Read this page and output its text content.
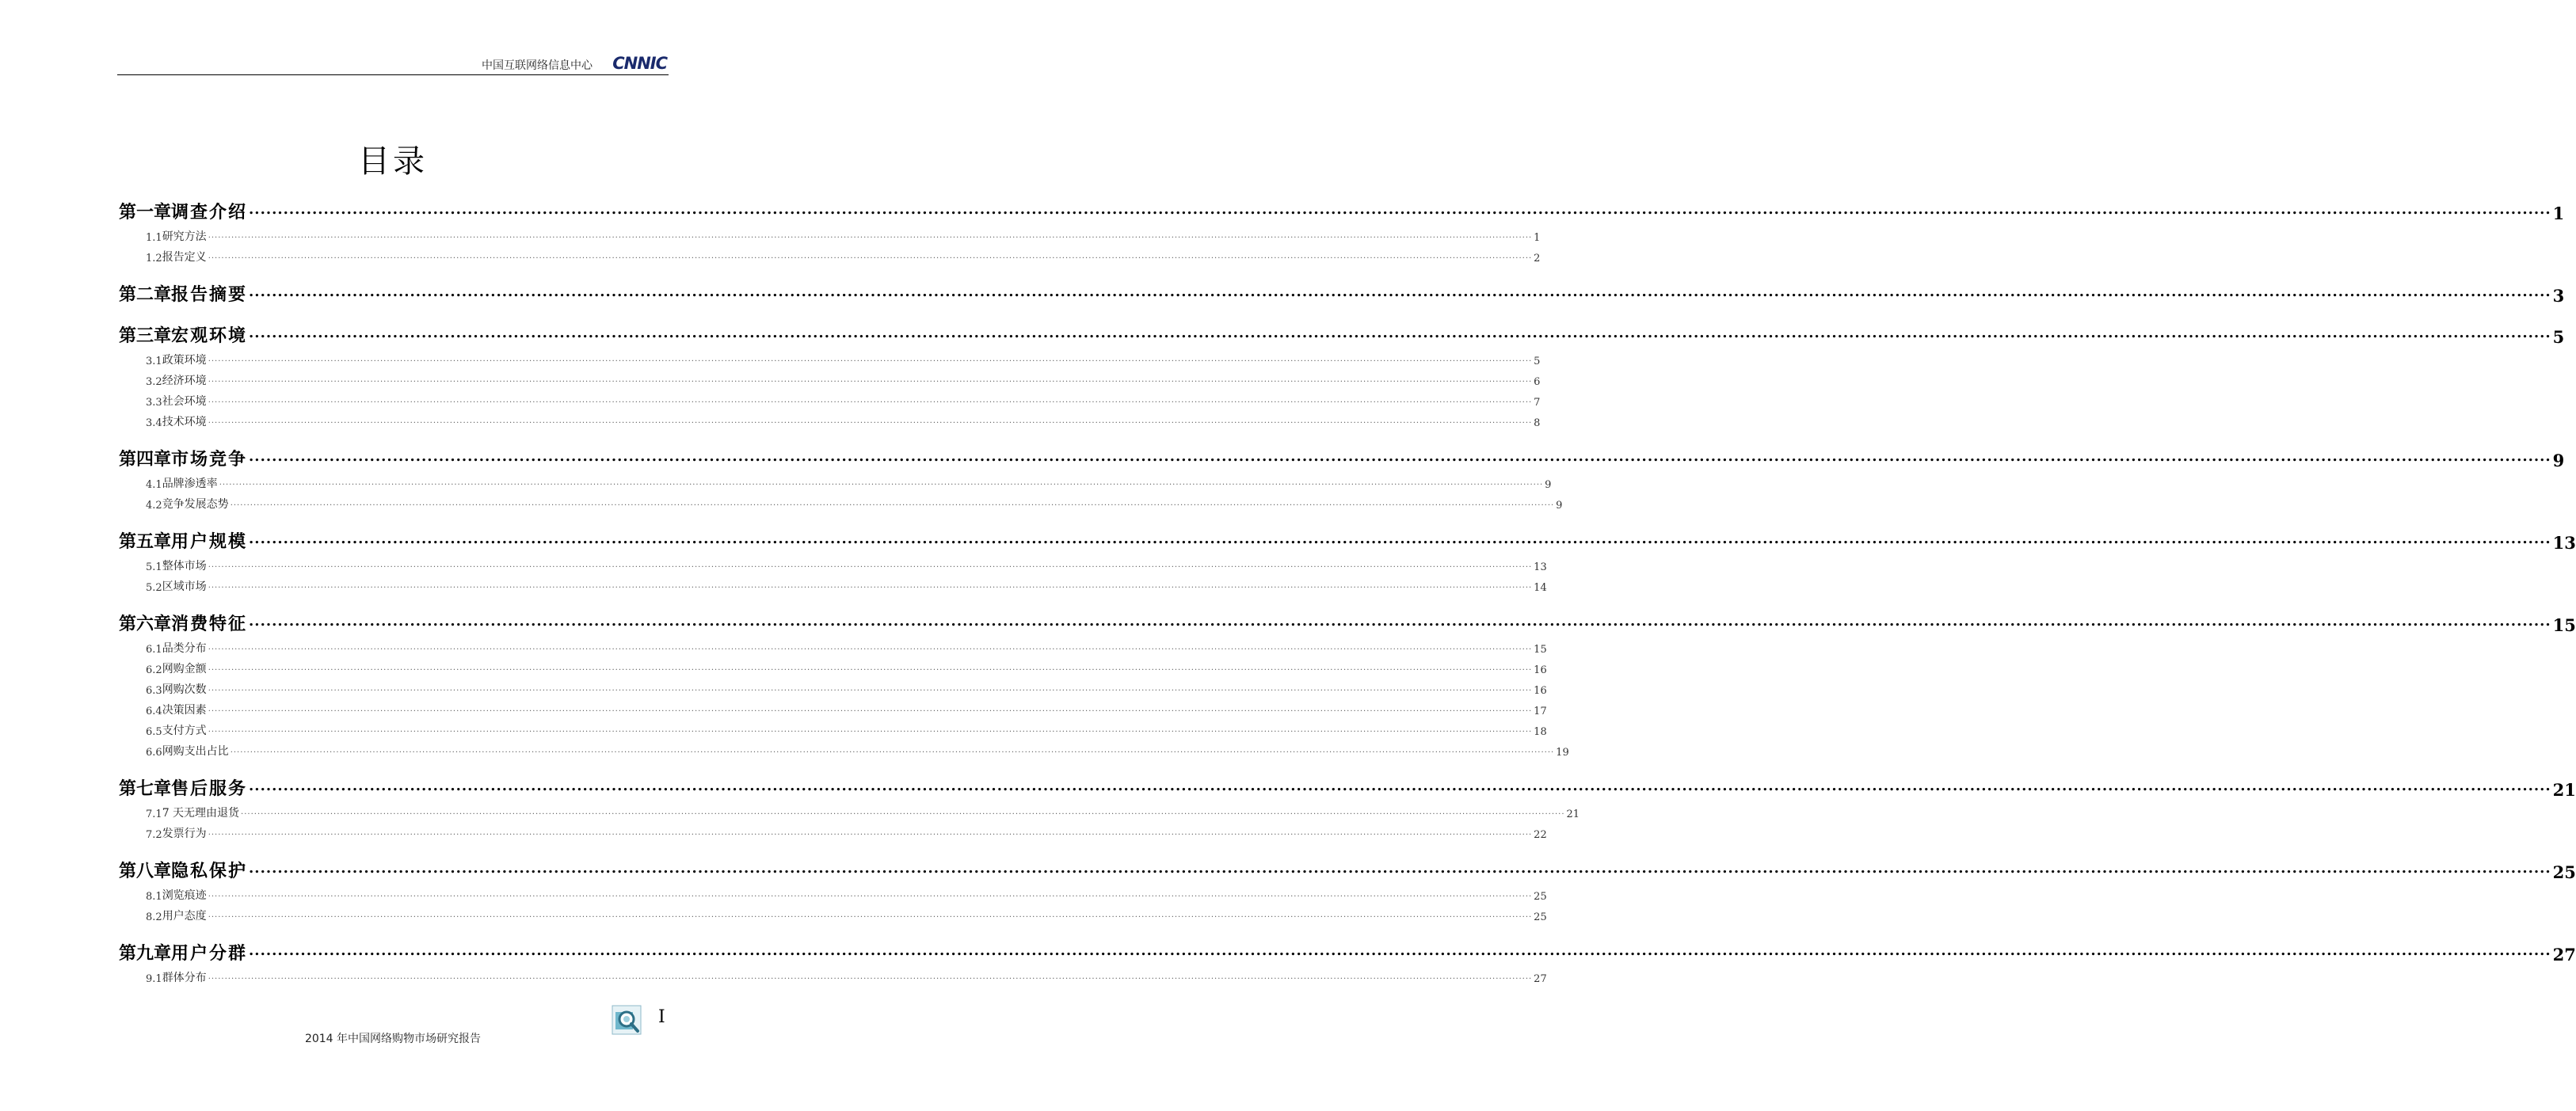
中国互联网络信息中心 CNNIC
目录
第一章 调查介绍 ................................................................................................................................................................................................................................................................................................................................................................................................................ 1
1.1 研究方法 ................................................................................................................................................................................................................................................................................................................................................................................................................ 1
1.2 报告定义 ................................................................................................................................................................................................................................................................................................................................................................................................................ 2
第二章 报告摘要 ................................................................................................................................................................................................................................................................................................................................................................................................................ 3
第三章 宏观环境 ................................................................................................................................................................................................................................................................................................................................................................................................................ 5
3.1 政策环境 ................................................................................................................................................................................................................................................................................................................................................................................................................ 5
3.2 经济环境 ................................................................................................................................................................................................................................................................................................................................................................................................................ 6
3.3 社会环境 ................................................................................................................................................................................................................................................................................................................................................................................................................ 7
3.4 技术环境 ................................................................................................................................................................................................................................................................................................................................................................................................................ 8
第四章 市场竞争 ................................................................................................................................................................................................................................................................................................................................................................................................................ 9
4.1 品牌渗透率 ................................................................................................................................................................................................................................................................................................................................................................................................................ 9
4.2 竞争发展态势 ................................................................................................................................................................................................................................................................................................................................................................................................................ 9
第五章 用户规模 ................................................................................................................................................................................................................................................................................................................................................................................................................ 13
5.1 整体市场 ................................................................................................................................................................................................................................................................................................................................................................................................................ 13
5.2 区域市场 ................................................................................................................................................................................................................................................................................................................................................................................................................ 14
第六章 消费特征 ................................................................................................................................................................................................................................................................................................................................................................................................................ 15
6.1 品类分布 ................................................................................................................................................................................................................................................................................................................................................................................................................ 15
6.2 网购金额 ................................................................................................................................................................................................................................................................................................................................................................................................................ 16
6.3 网购次数 ................................................................................................................................................................................................................................................................................................................................................................................................................ 16
6.4 决策因素 ................................................................................................................................................................................................................................................................................................................................................................................................................ 17
6.5 支付方式 ................................................................................................................................................................................................................................................................................................................................................................................................................ 18
6.6 网购支出占比 ................................................................................................................................................................................................................................................................................................................................................................................................................ 19
第七章 售后服务 ................................................................................................................................................................................................................................................................................................................................................................................................................ 21
7.1 7 天无理由退货 ................................................................................................................................................................................................................................................................................................................................................................................................................ 21
7.2 发票行为 ................................................................................................................................................................................................................................................................................................................................................................................................................ 22
第八章 隐私保护 ................................................................................................................................................................................................................................................................................................................................................................................................................ 25
8.1 浏览痕迹 ................................................................................................................................................................................................................................................................................................................................................................................................................ 25
8.2 用户态度 ................................................................................................................................................................................................................................................................................................................................................................................................................ 25
第九章 用户分群 ................................................................................................................................................................................................................................................................................................................................................................................................................ 27
9.1 群体分布 ................................................................................................................................................................................................................................................................................................................................................................................................................ 27
I
2014 年中国网络购物市场研究报告
